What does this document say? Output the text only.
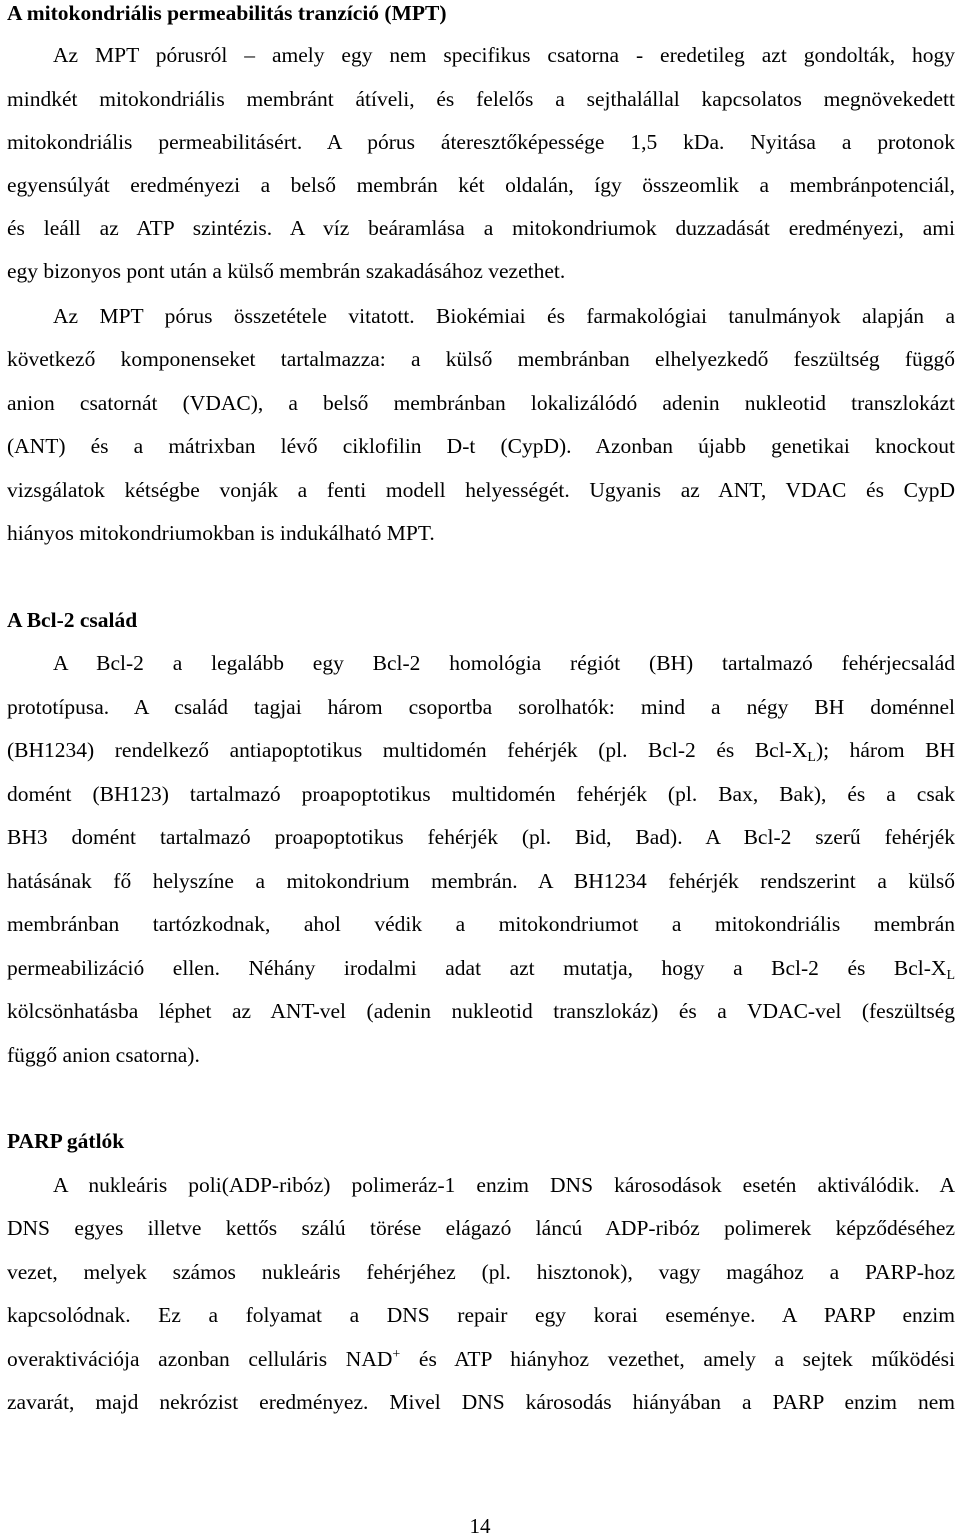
A mitokondriális permeabilitás tranzíció (MPT)
Az MPT pórusról – amely egy nem specifikus csatorna - eredetileg azt gondolták, hogy
mindkét mitokondriális membránt átíveli, és felelős a sejthalállal kapcsolatos megnövekedett
mitokondriális permeabilitásért. A pórus áteresztőképessége 1,5 kDa. Nyitása a protonok
egyensúlyát eredményezi a belső membrán két oldalán, így összeomlik a membránpotenciál,
és leáll az ATP szintézis. A víz beáramlása a mitokondriumok duzzadását eredményezi, ami
egy bizonyos pont után a külső membrán szakadásához vezethet.
Az MPT pórus összetétele vitatott. Biokémiai és farmakológiai tanulmányok alapján a
következő komponenseket tartalmazza: a külső membránban elhelyezkedő feszültség függő
anion csatornát (VDAC), a belső membránban lokalizálódó adenin nukleotid transzlokázt
(ANT) és a mátrixban lévő ciklofilin D-t (CypD). Azonban újabb genetikai knockout
vizsgálatok kétségbe vonják a fenti modell helyességét. Ugyanis az ANT, VDAC és CypD
hiányos mitokondriumokban is indukálható MPT.
A Bcl-2 család
A Bcl-2 a legalább egy Bcl-2 homológia régiót (BH) tartalmazó fehérjecsalád
prototípusa. A család tagjai három csoportba sorolhatók: mind a négy BH doménnel
(BH1234) rendelkező antiapoptotikus multidomén fehérjék (pl. Bcl-2 és Bcl-$X_L$); három BH
domént (BH123) tartalmazó proapoptotikus multidomén fehérjék (pl. Bax, Bak), és a csak
BH3 domént tartalmazó proapoptotikus fehérjék (pl. Bid, Bad). A Bcl-2 szerű fehérjék
hatásának fő helyszíne a mitokondrium membrán. A BH1234 fehérjék rendszerint a külső
membránban tartózkodnak, ahol védik a mitokondriumot a mitokondriális membrán
permeabilizáció ellen. Néhány irodalmi adat azt mutatja, hogy a Bcl-2 és Bcl-$X_L$
kölcsönhatásba léphet az ANT-vel (adenin nukleotid transzlokáz) és a VDAC-vel (feszültség
függő anion csatorna).
PARP gátlók
A nukleáris poli(ADP-ribóz) polimeráz-1 enzim DNS károsodások esetén aktiválódik. A
DNS egyes illetve kettős szálú törése elágazó láncú ADP-ribóz polimerek képződéséhez
vezet, melyek számos nukleáris fehérjéhez (pl. hisztonok), vagy magához a PARP-hoz
kapcsolódnak. Ez a folyamat a DNS repair egy korai eseménye. A PARP enzim
overaktivációja azonban celluláris NAD+ és ATP hiányhoz vezethet, amely a sejtek működési
zavarát, majd nekrózist eredményez. Mivel DNS károsodás hiányában a PARP enzim nem
14
